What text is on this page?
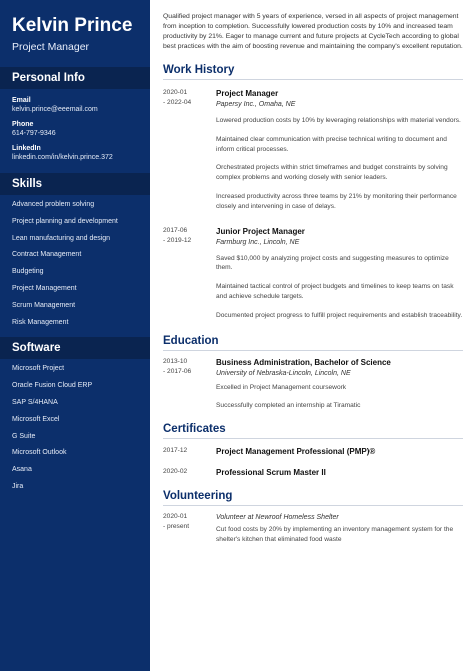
Kelvin Prince
Project Manager
Personal Info
Email
kelvin.prince@eeemail.com
Phone
614-797-9346
LinkedIn
linkedin.com/in/kelvin.prince.372
Skills
Advanced problem solving
Project planning and development
Lean manufacturing and design
Contract Management
Budgeting
Project Management
Scrum Management
Risk Management
Software
Microsoft Project
Oracle Fusion Cloud ERP
SAP S/4HANA
Microsoft Excel
G Suite
Microsoft Outlook
Asana
Jira

Qualified project manager with 5 years of experience, versed in all aspects of project management from inception to completion. Successfully lowered production costs by 10% and increased team productivity by 21%. Eager to manage current and future projects at CycleTech according to global best practices with the aim of boosting revenue and maintaining the company's excellent reputation.

Work History
2020-01
- 2022-04
Project Manager
Papersy Inc., Omaha, NE

Lowered production costs by 10% by leveraging relationships with material vendors.

Maintained clear communication with precise technical writing to document and inform critical processes.

Orchestrated projects within strict timeframes and budget constraints by solving complex problems and working closely with senior leaders.

Increased productivity across three teams by 21% by monitoring their performance closely and intervening in case of delays.

2017-06
- 2019-12
Junior Project Manager
Farmburg Inc., Lincoln, NE

Saved $10,000 by analyzing project costs and suggesting measures to optimize them.

Maintained tactical control of project budgets and timelines to keep teams on task and achieve schedule targets.

Documented project progress to fulfill project requirements and establish traceability.

Education
2013-10
- 2017-06
Business Administration, Bachelor of Science
University of Nebraska-Lincoln, Lincoln, NE

Excelled in Project Management coursework

Successfully completed an internship at Tiramatic

Certificates
2017-12	Project Management Professional (PMP)®
2020-02	Professional Scrum Master II
Volunteering
2020-01
- present
Volunteer at Newroof Homeless Shelter

Cut food costs by 20% by implementing an inventory management system for the shelter's kitchen that eliminated food waste
